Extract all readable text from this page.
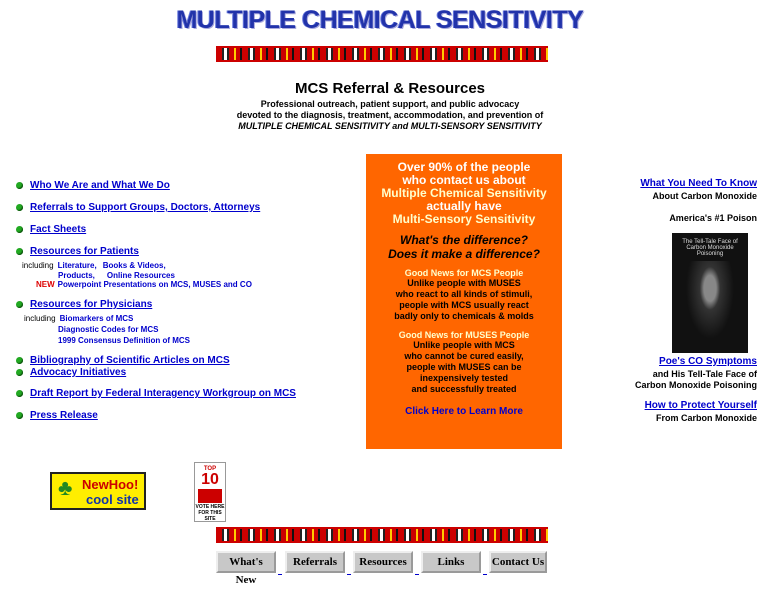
MULTIPLE CHEMICAL SENSITIVITY
MCS Referral & Resources

Professional outreach, patient support, and public advocacy

devoted to the diagnosis, treatment, accommodation, and prevention of

MULTIPLE CHEMICAL SENSITIVITY and MULTI-SENSORY SENSITIVITY

Who We Are and What We Do
Referrals to Support Groups, Doctors, Attorneys
Fact Sheets
Resources for Patients
including Literature, Books & Videos,
Products, Online Resources
NEW Powerpoint Presentations on MCS, MUSES and CO
Resources for Physicians
including Biomarkers of MCS
Diagnostic Codes for MCS
1999 Consensus Definition of MCS
Bibliography of Scientific Articles on MCS
Advocacy Initiatives
Draft Report by Federal Interagency Workgroup on MCS
Press Release
Over 90% of the people
who contact us about
Multiple Chemical Sensitivity
actually have
Multi-Sensory Sensitivity
What's the difference?
Does it make a difference?
Good News for MCS People
Unlike people with MUSES
who react to all kinds of stimuli,
people with MCS usually react
badly only to chemicals & molds
Good News for MUSES People
Unlike people with MCS
who cannot be cured easily,
people with MUSES can be
inexpensively tested
and successfully treated
Click Here to Learn More
What You Need To Know
About Carbon Monoxide
America's #1 Poison
The Tell-Tale Face of Carbon Monoxide Poisoning
Poe's CO Symptoms
and His Tell-Tale Face of
Carbon Monoxide Poisoning
How to Protect Yourself
From Carbon Monoxide
♣ NewHoo!
cool site
TOP
10
VOTE HERE FOR THIS SITE
What's New
Referrals	Resources	Links	Contact Us
